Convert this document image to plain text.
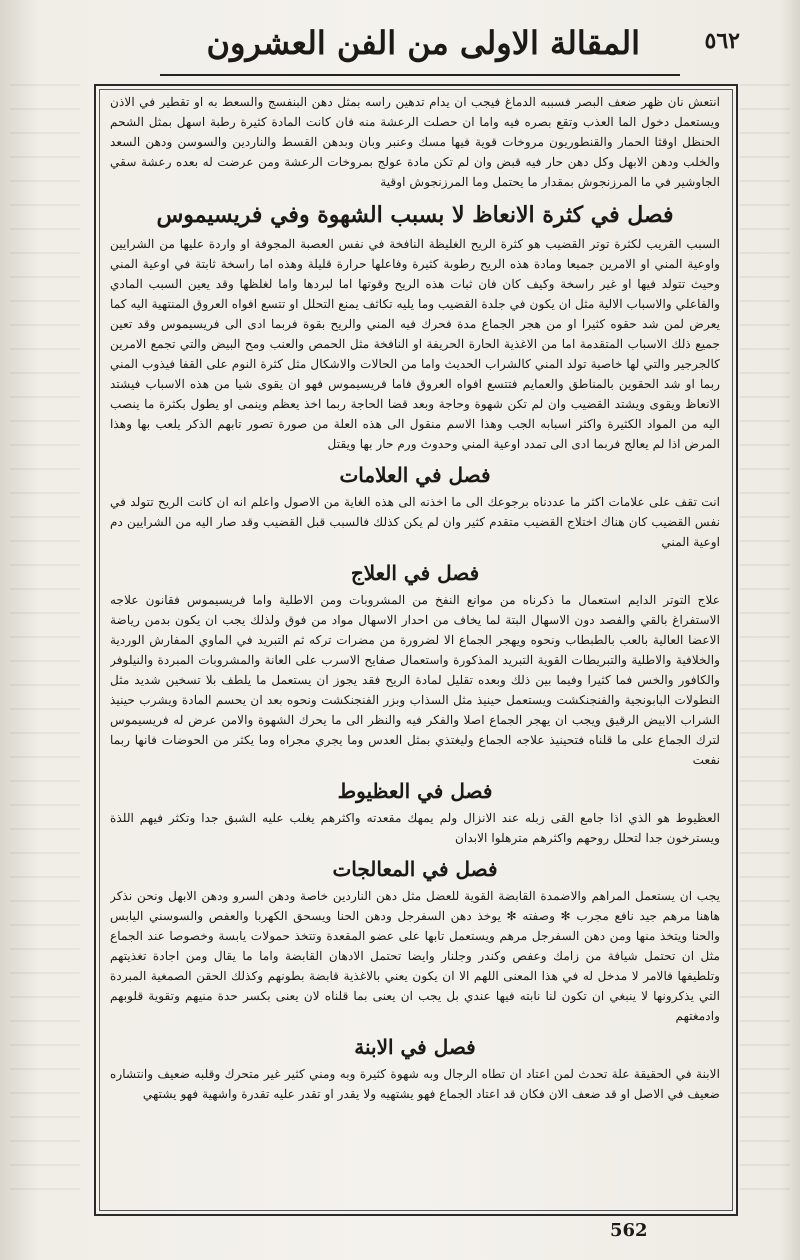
٥٦٢
المقالة الاولى من الفن العشرون

انتعش نان ظهر ضعف البصر فسببه الدماغ فيجب ان يدام تدهين راسه بمثل دهن البنفسج والسعط به او تقطير في الاذن ويستعمل دخول الما العذب وتقع بصره فيه واما ان حصلت الرعشة منه فان كانت المادة كثيرة رطبة اسهل بمثل الشحم الحنظل اوقثا الحمار والقنطوريون مروخات قوية فيها مسك وعنبر وبان وبدهن القسط والناردين والسوسن ودهن السعد والخلب ودهن الابهل وكل دهن حار فيه قبض وان لم تكن مادة عولج بمروخات الرعشة ومن عرضت له بعده رعشة سقي الجاوشير في ما المرزنجوش بمقدار ما يحتمل وما المرزنجوش اوقية

فصل في كثرة الانعاظ لا بسبب الشهوة وفي فريسيموس

السبب القريب لكثرة توتر القضيب هو كثرة الريح الغليظة النافخة في نفس العصبة المجوفة او واردة عليها من الشرايين واوعية المني او الامرين جميعا ومادة هذه الريح رطوبة كثيرة وفاعلها حرارة قليلة وهذه اما راسخة ثابتة في اوعية المني وحيث تتولد فيها او غير راسخة وكيف كان فان ثبات هذه الريح وقوتها اما لبردها واما لغلظها وقد يعين السبب المادي والفاعلي والاسباب الالية مثل ان يكون في جلدة القضيب وما يليه تكاثف يمنع التحلل او تتسع افواه العروق المنتهية اليه كما يعرض لمن شد حقوه كثيرا او من هجر الجماع مدة فحرك فيه المني والريح بقوة فربما ادى الى فريسيموس وقد تعين جميع ذلك الاسباب المتقدمة اما من الاغذية الحارة الحريفة او النافخة مثل الحمص والعنب ومح البيض والتي تجمع الامرين كالجرجير والتي لها خاصية تولد المني كالشراب الحديث واما من الحالات والاشكال مثل كثرة النوم على القفا فيذوب المني ربما او شد الحقوين بالمناطق والعمايم فتتسع افواه العروق فاما فريسيموس فهو ان يقوى شيا من هذه الاسباب فيشتد الانعاظ ويقوى ويشتد القضيب وان لم تكن شهوة وحاجة وبعد قضا الحاجة ربما اخذ يعظم وينمى او يطول بكثرة ما ينصب اليه من المواد الكثيرة واكثر اسبابه الجب وهذا الاسم منقول الى هذه العلة من صورة تصور تابهم الذكر يلعب بها وهذا المرض اذا لم يعالج فربما ادى الى تمدد اوعية المني وحدوث ورم حار بها ويقتل

فصل في العلامات

انت تقف على علامات اكثر ما عددناه برجوعك الى ما اخذنه الى هذه الغاية من الاصول واعلم انه ان كانت الريح تتولد في نفس القضيب كان هناك اختلاج القضيب متقدم كثير وان لم يكن كذلك فالسبب قبل القضيب وقد صار اليه من الشرايين دم اوعية المني

فصل في العلاج

علاج التوتر الدايم استعمال ما ذكرناه من موانع النفخ من المشروبات ومن الاطلية واما فريسيموس فقانون علاجه الاستفراغ بالقي والفصد دون الاسهال البتة لما يخاف من احدار الاسهال مواد من فوق ولذلك يجب ان يكون بدمن رياضة الاعضا العالية بالعب بالطبطاب ونحوه ويهجر الجماع الا لضرورة من مضرات تركه ثم التبريد في الماوي المفارش الوردية والخلافية والاطلية والتبريطات القوية التبريد المذكورة واستعمال صفايح الاسرب على العانة والمشروبات المبردة والنيلوفر والكافور والخس فما كثيرا وفيما بين ذلك وبعده تقليل لمادة الريح فقد يجوز ان يستعمل ما يلطف بلا تسخين شديد مثل النطولات البابونجية والفنجنكشت ويستعمل حينيذ مثل السذاب وبزر الفنجنكشت ونحوه بعد ان يحسم المادة ويشرب حينيذ الشراب الابيض الرقيق ويجب ان يهجر الجماع اصلا والفكر فيه والنظر الى ما يحرك الشهوة والامن عرض له فريسيموس لترك الجماع على ما قلناه فتحينيذ علاجه الجماع وليغتذي بمثل العدس وما يجري مجراه وما يكثر من الحوضات فانها ربما نفعت

فصل في العظيوط

العظيوط هو الذي اذا جامع القى زبله عند الانزال ولم يمهك مقعدته واكثرهم يغلب عليه الشبق جدا وتكثر فيهم اللذة ويسترخون جدا لتحلل روحهم واكثرهم مترهلوا الابدان

فصل في المعالجات

يجب ان يستعمل المراهم والاضمدة القابضة القوية للعضل مثل دهن الناردين خاصة ودهن السرو ودهن الابهل ونحن نذكر هاهنا مرهم جيد نافع مجرب ✻ وصفته ✻ يوخذ دهن السفرجل ودهن الحنا ويسحق الكهربا والعفص والسوسني اليابس والحنا ويتخذ منها ومن دهن السفرجل مرهم ويستعمل تابها على عضو المقعدة وتتخذ حمولات يابسة وخصوصا عند الجماع مثل ان تحتمل شيافة من زامك وعفص وكندر وجلنار وايضا تحتمل الادهان القابضة واما ما يقال ومن اجادة تغذيتهم وتلطيفها فالامر لا مدخل له في هذا المعنى اللهم الا ان يكون يعني بالاغذية قابضة بطونهم وكذلك الحقن الصمغية المبردة التي يذكرونها لا ينبغي ان تكون لنا نابته فيها عندي بل يجب ان يعنى بما قلناه لان يعنى بكسر حدة منيهم وتقوية قلوبهم وادمغتهم

فصل في الابنة

الابنة في الحقيقة علة تحدث لمن اعتاد ان تطاه الرجال وبه شهوة كثيرة وبه ومني كثير غير متحرك وقلبه ضعيف وانتشاره ضعيف في الاصل او قد ضعف الان فكان قد اعتاد الجماع فهو يشتهيه ولا يقدر او تقدر عليه تقدرة واشهية فهو يشتهي

562
